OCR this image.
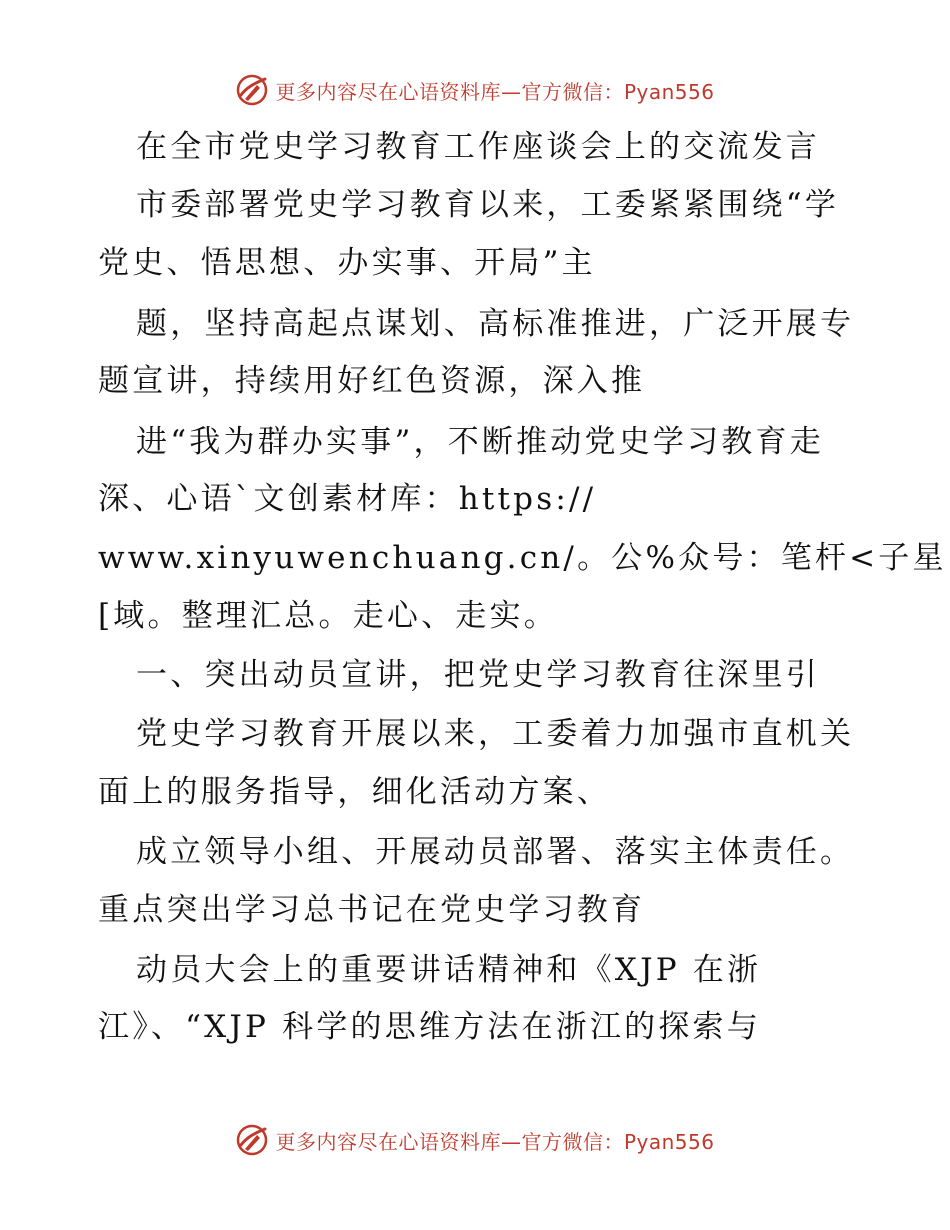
更多内容尽在心语资料库—官方微信：Pyan556
在全市党史学习教育工作座谈会上的交流发言
市委部署党史学习教育以来，工委紧紧围绕“学
党史、悟思想、办实事、开局”主
题，坚持高起点谋划、高标准推进，广泛开展专
题宣讲，持续用好红色资源，深入推
进“我为群办实事”，不断推动党史学习教育走
深、心语`文创素材库：https://
www.xinyuwenchuang.cn/。公%众号：笔杆<子星
[域。整理汇总。走心、走实。
一、突出动员宣讲，把党史学习教育往深里引
党史学习教育开展以来，工委着力加强市直机关
面上的服务指导，细化活动方案、
成立领导小组、开展动员部署、落实主体责任。
重点突出学习总书记在党史学习教育
动员大会上的重要讲话精神和《XJP 在浙
江》、“XJP 科学的思维方法在浙江的探索与
更多内容尽在心语资料库—官方微信：Pyan556
